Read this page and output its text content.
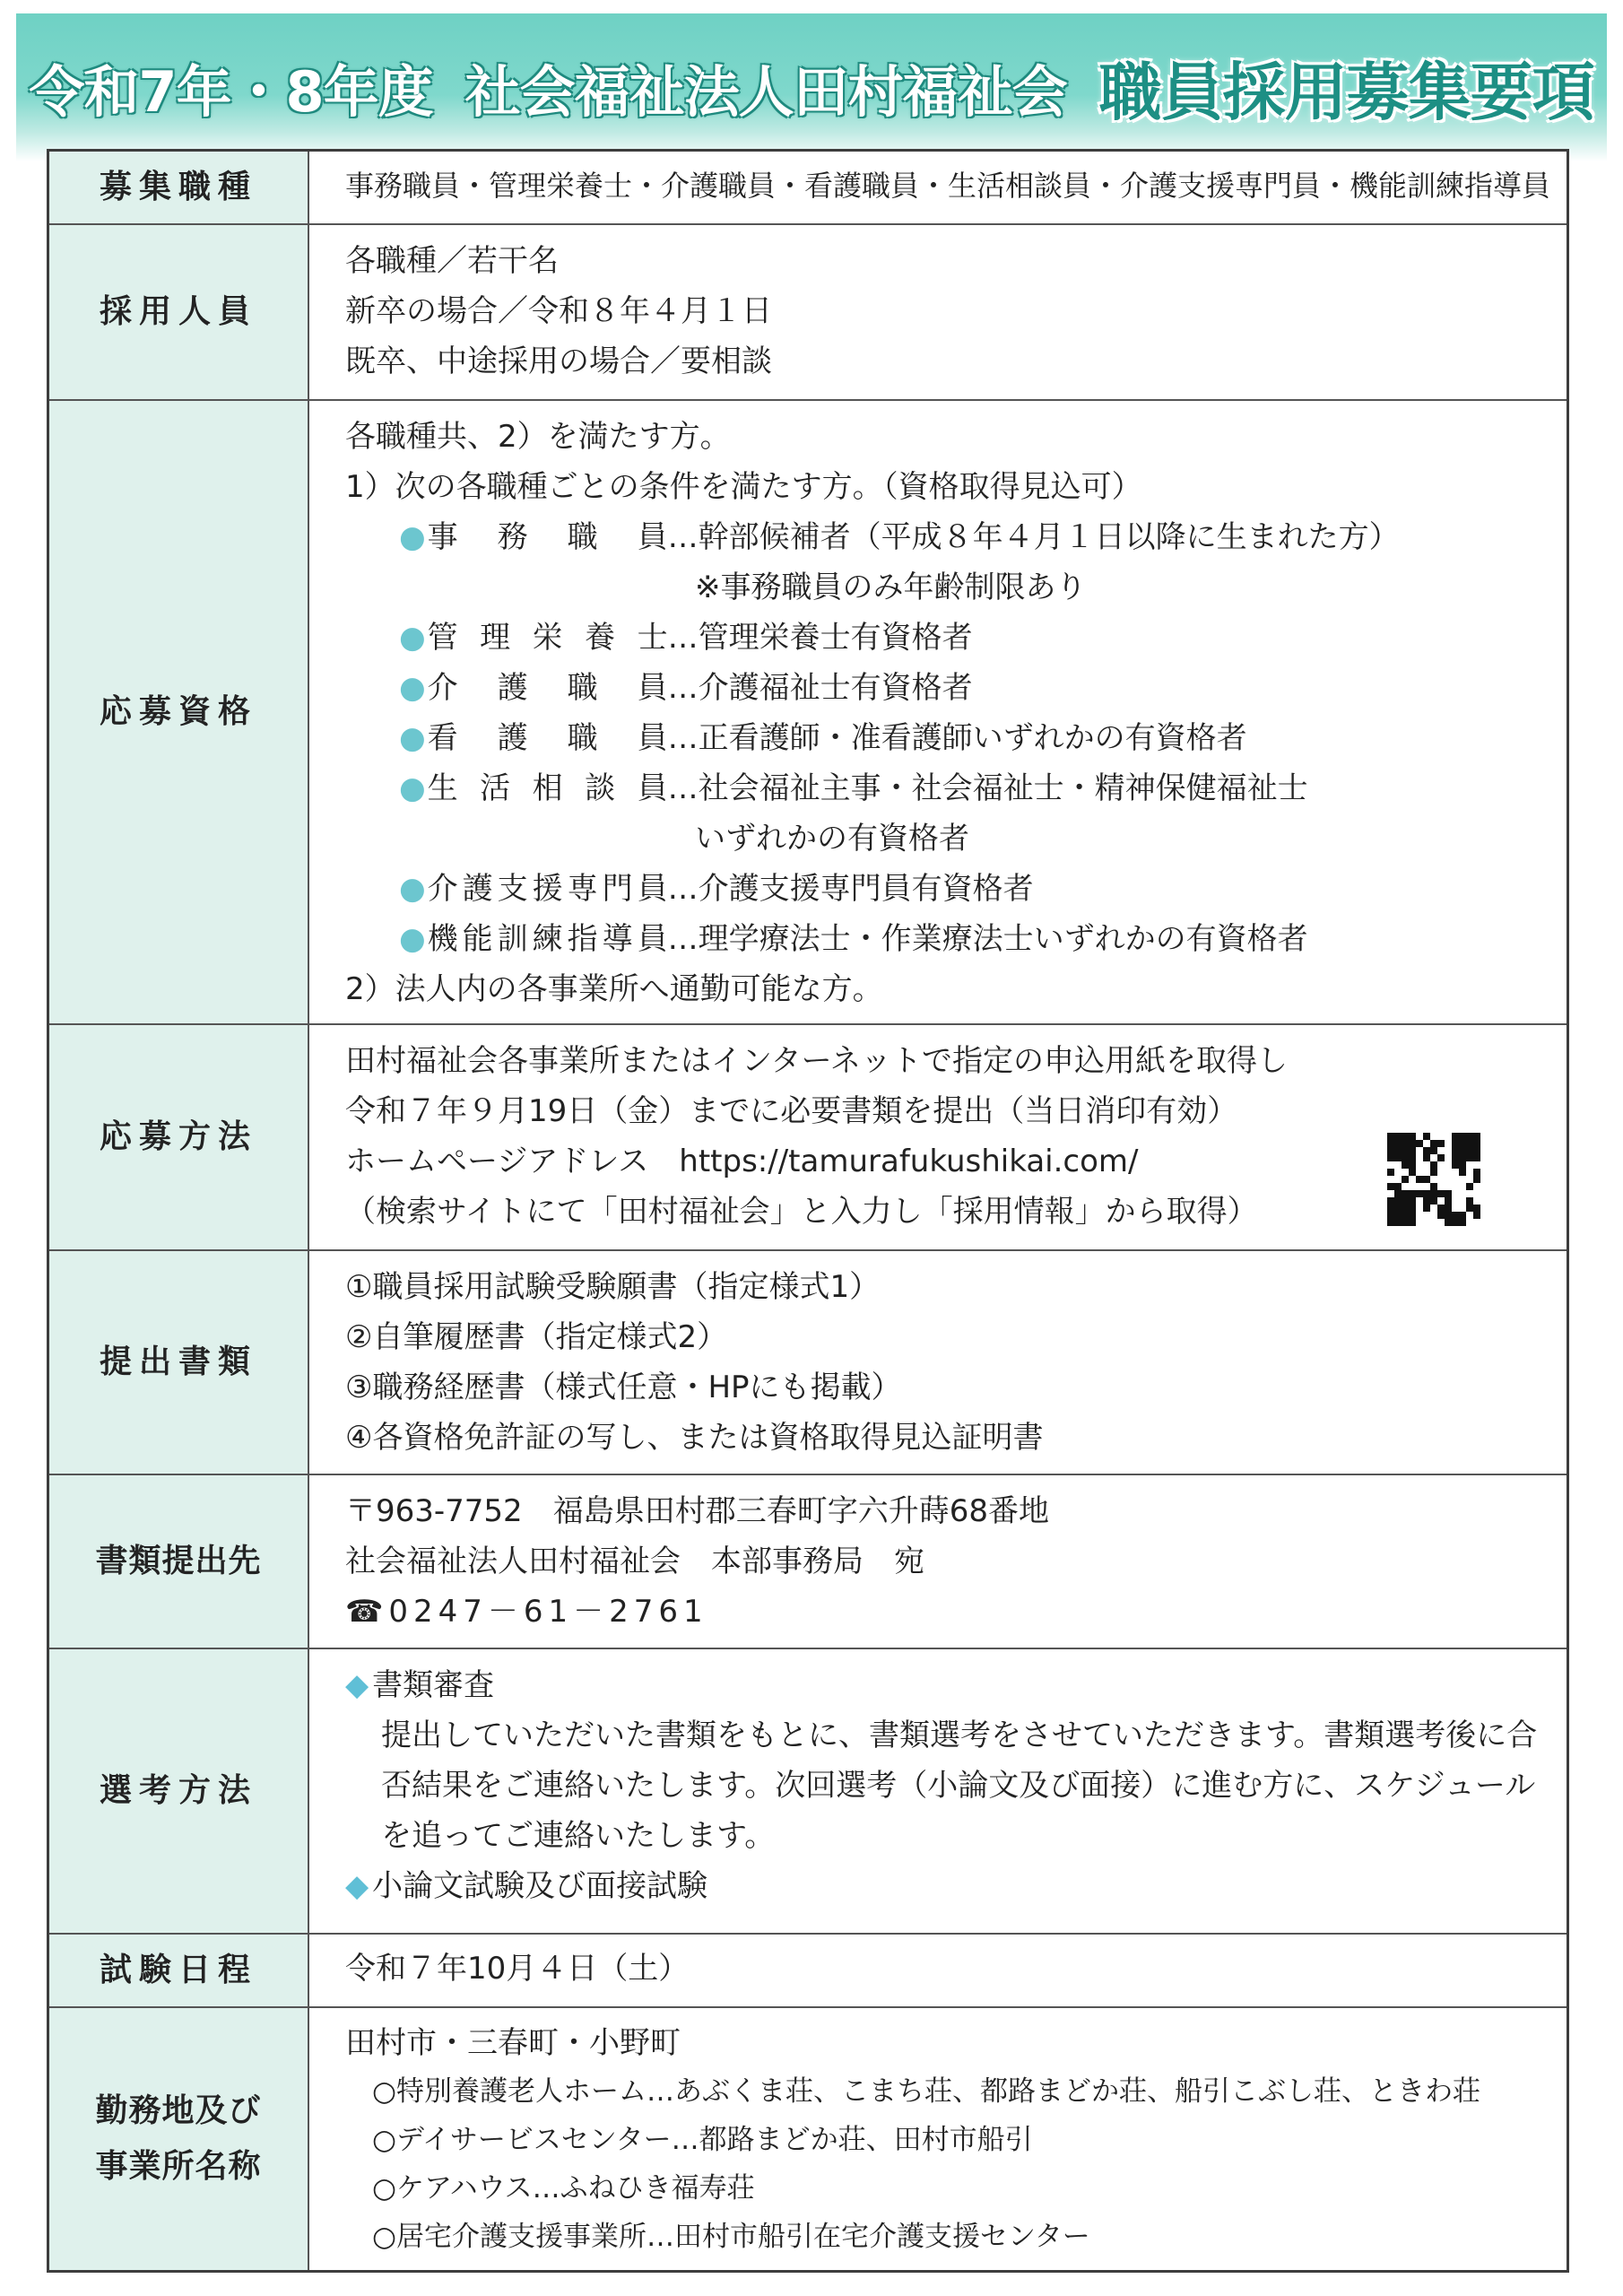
令和7年・8年度 社会福祉法人田村福祉会 職員採用募集要項
募集職種	事務職員・管理栄養士・介護職員・看護職員・生活相談員・介護支援専門員・機能訓練指導員
採用人員
各職種／若干名
新卒の場合／令和８年４月１日
既卒、中途採用の場合／要相談
応募資格
各職種共、2）を満たす方。
1）次の各職種ごとの条件を満たす方。（資格取得見込可）
● 事務職員 …幹部候補者（平成８年４月１日以降に生まれた方）
※事務職員のみ年齢制限あり
● 管理栄養士 …管理栄養士有資格者
● 介護職員 …介護福祉士有資格者
● 看護職員 …正看護師・准看護師いずれかの有資格者
● 生活相談員 …社会福祉主事・社会福祉士・精神保健福祉士
いずれかの有資格者
● 介護支援専門員 …介護支援専門員有資格者
● 機能訓練指導員 …理学療法士・作業療法士いずれかの有資格者
2）法人内の各事業所へ通勤可能な方。
応募方法
田村福祉会各事業所またはインターネットで指定の申込用紙を取得し
令和７年９月19日（金）までに必要書類を提出（当日消印有効）
ホームページアドレス　https://tamurafukushikai.com/
（検索サイトにて「田村福祉会」と入力し「採用情報」から取得）
提出書類
①職員採用試験受験願書（指定様式1）
②自筆履歴書（指定様式2）
③職務経歴書（様式任意・HPにも掲載）
④各資格免許証の写し、または資格取得見込証明書
書類提出先
〒963-7752　福島県田村郡三春町字六升蒔68番地
社会福祉法人田村福祉会　本部事務局　宛
☎0247－61－2761
選考方法
◆ 書類審査
提出していただいた書類をもとに、書類選考をさせていただきます。書類選考後に合否結果をご連絡いたします。次回選考（小論文及び面接）に進む方に、スケジュールを追ってご連絡いたします。
◆ 小論文試験及び面接試験
試験日程	令和７年10月４日（土）
勤務地及び
事業所名称
田村市・三春町・小野町
○特別養護老人ホーム…あぶくま荘、こまち荘、都路まどか荘、船引こぶし荘、ときわ荘
○デイサービスセンター…都路まどか荘、田村市船引
○ケアハウス…ふねひき福寿荘
○居宅介護支援事業所…田村市船引在宅介護支援センター
